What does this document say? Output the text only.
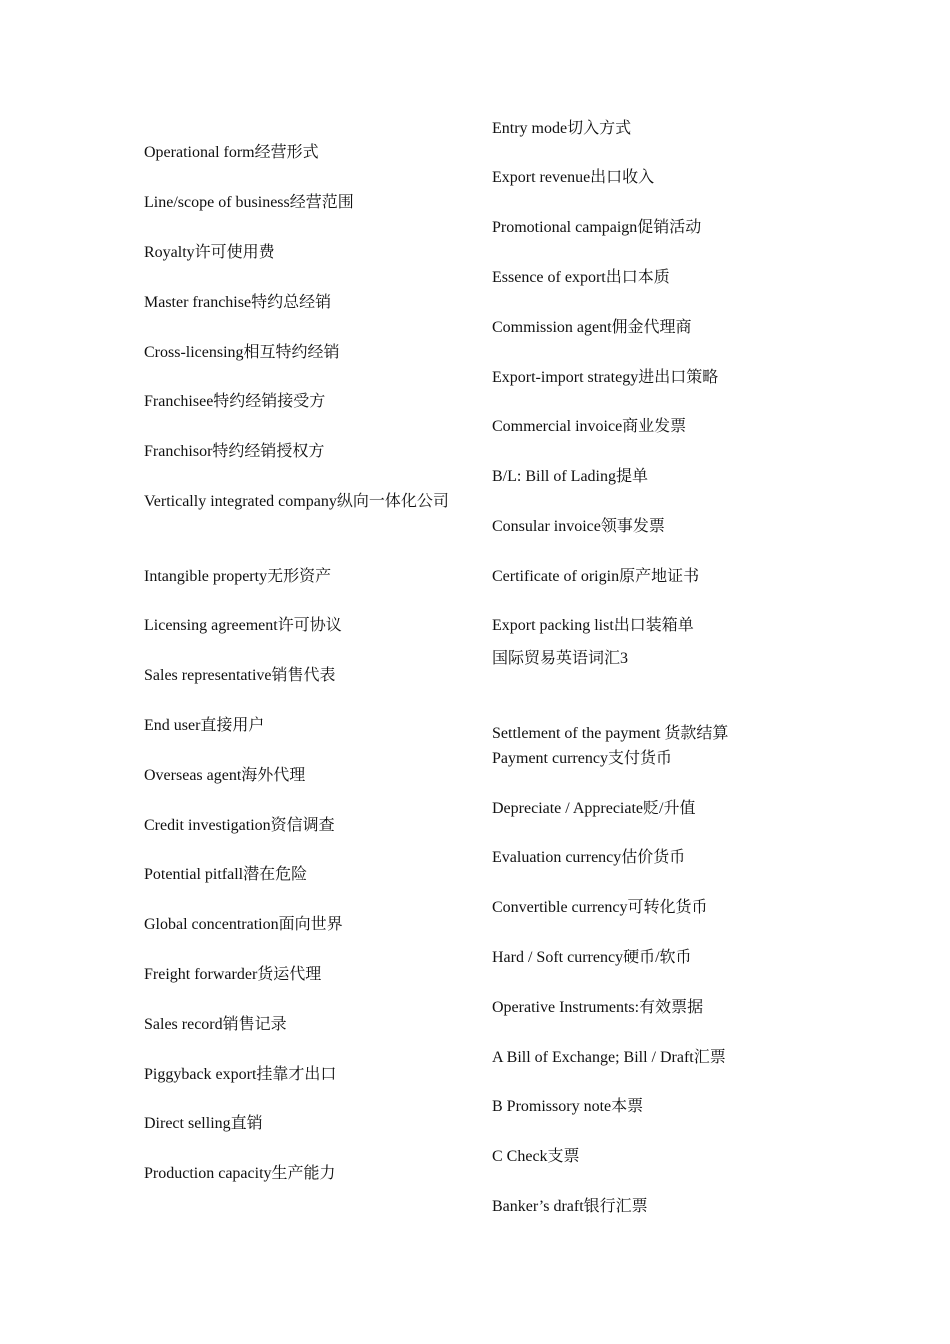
Operational form经营形式
Line/scope of business经营范围
Royalty许可使用费
Master franchise特约总经销
Cross-licensing相互特约经销
Franchisee特约经销接受方
Franchisor特约经销授权方
Vertically integrated company纵向一体化公司
Intangible property无形资产
Licensing agreement许可协议
Sales representative销售代表
End user直接用户
Overseas agent海外代理
Credit investigation资信调查
Potential pitfall潜在危险
Global concentration面向世界
Freight forwarder货运代理
Sales record销售记录
Piggyback export挂靠才出口
Direct selling直销
Production capacity生产能力
Entry mode切入方式
Export revenue出口收入
Promotional campaign促销活动
Essence of export出口本质
Commission agent佣金代理商
Export-import strategy进出口策略
Commercial invoice商业发票
B/L: Bill of Lading提单
Consular invoice领事发票
Certificate of origin原产地证书
Export packing list出口装箱单
国际贸易英语词汇3
Settlement of the payment 货款结算
Payment currency支付货币
Depreciate / Appreciate贬/升值
Evaluation currency估价货币
Convertible currency可转化货币
Hard / Soft currency硬币/软币
Operative Instruments:有效票据
A Bill of Exchange; Bill / Draft汇票
B Promissory note本票
C Check支票
Banker’s draft银行汇票
